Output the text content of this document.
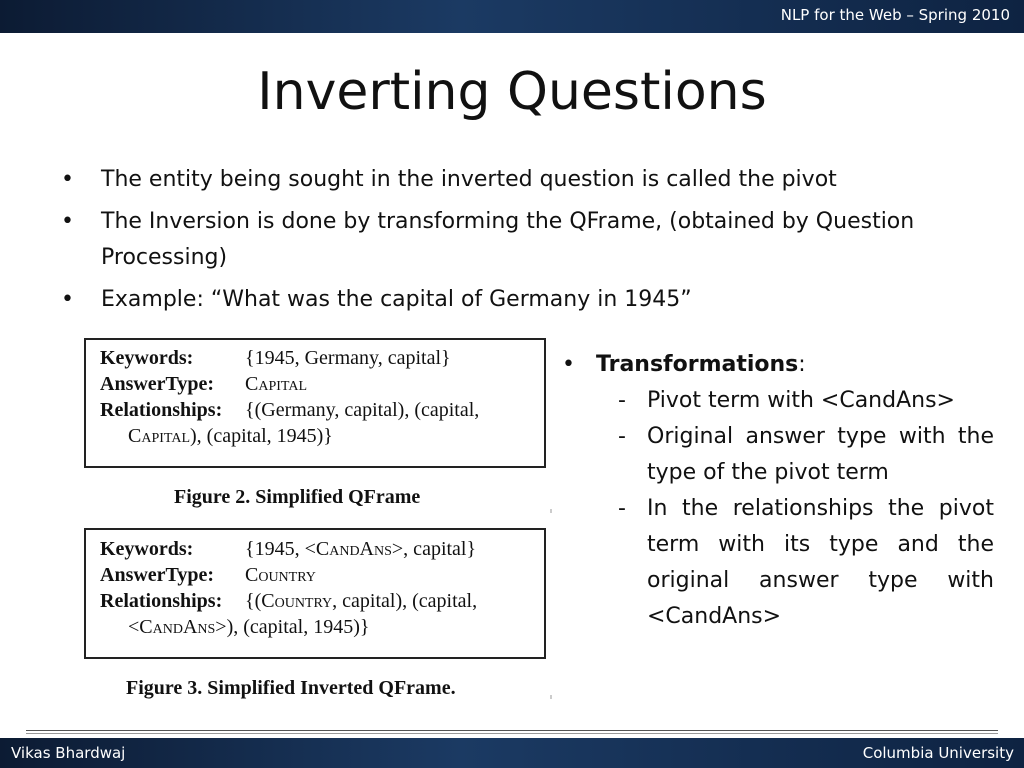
NLP for the Web – Spring 2010
Inverting Questions
• The entity being sought in the inverted question is called the pivot
• The Inversion is done by transforming the QFrame, (obtained by Question Processing)
• Example: “What was the capital of Germany in 1945”
Keywords:	{1945, Germany, capital}
AnswerType: Capital
Relationships: {(Germany, capital), (capital,
Capital), (capital, 1945)}
Figure 2. Simplified QFrame
Keywords:	{1945, <CandAns>, capital}
AnswerType: Country
Relationships: {(Country, capital), (capital,
<CandAns>), (capital, 1945)}
Figure 3. Simplified Inverted QFrame.
• Transformations:
- Pivot term with <CandAns>
- Original answer type with the type of the pivot term
- In the relationships the pivot term with its type and the original answer type with <CandAns>
Vikas Bhardwaj	Columbia University
